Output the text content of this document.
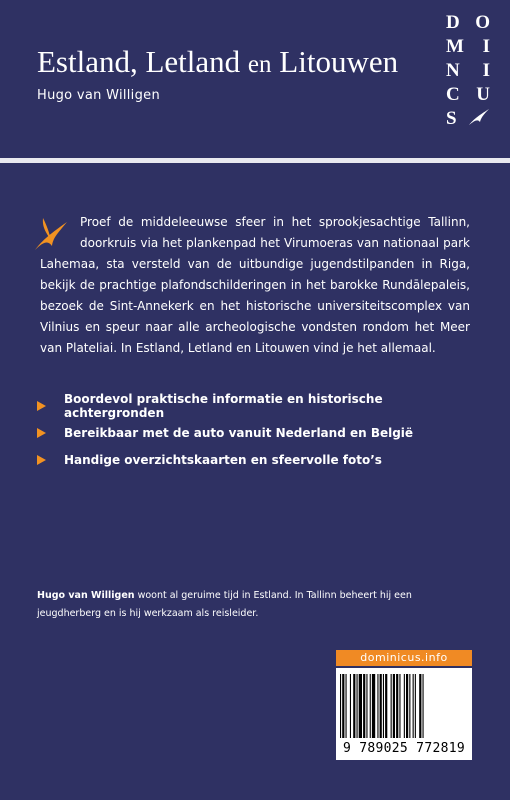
Estland, Letland en Litouwen
Hugo van Willigen
D O
M I
N I
C U
S
Proef de middeleeuwse sfeer in het sprookjesachtige Tallinn, doorkruis via het plankenpad het Virumoeras van nationaal park Lahemaa, sta versteld van de uitbundige jugendstilpanden in Riga, bekijk de prachtige plafondschilderingen in het barokke Rundālepaleis, bezoek de Sint-Annekerk en het historische universiteitscomplex van Vilnius en speur naar alle archeologische vondsten rondom het Meer van Plateliai. In Estland, Letland en Litouwen vind je het allemaal.
Boordevol praktische informatie en historische achtergronden
Bereikbaar met de auto vanuit Nederland en België
Handige overzichtskaarten en sfeervolle foto’s
Hugo van Willigen woont al geruime tijd in Estland. In Tallinn beheert hij een jeugdherberg en is hij werkzaam als reisleider.
dominicus.info
9 789025 772819
